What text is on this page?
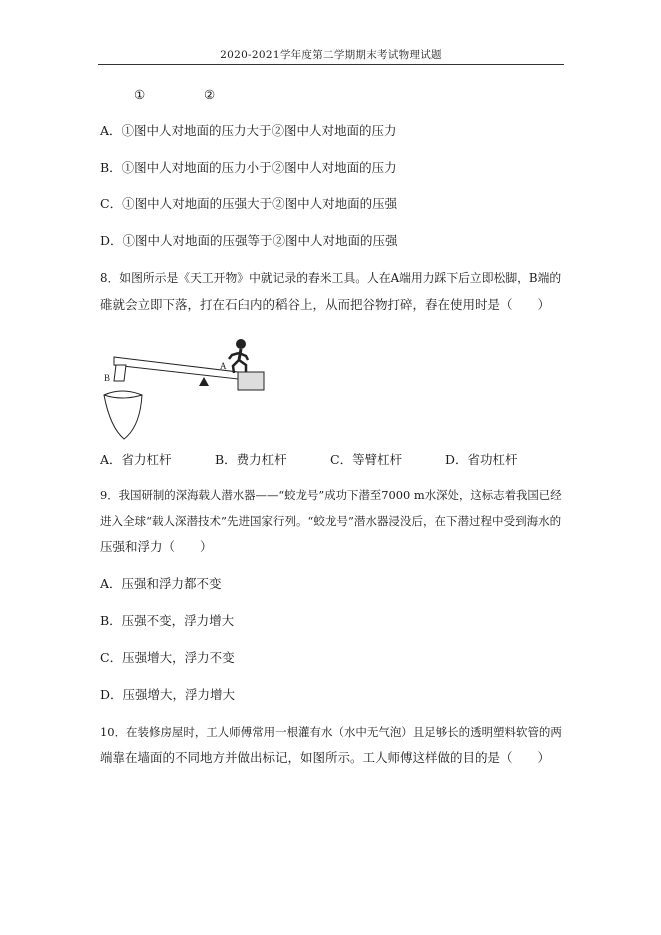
2020-2021学年度第二学期期末考试物理试题
①	②
A．①图中人对地面的压力大于②图中人对地面的压力
B．①图中人对地面的压力小于②图中人对地面的压力
C．①图中人对地面的压强大于②图中人对地面的压强
D．①图中人对地面的压强等于②图中人对地面的压强
8．如图所示是《天工开物》中就记录的舂米工具。人在A端用力踩下后立即松脚，B端的
碓就会立即下落，打在石臼内的稻谷上，从而把谷物打碎，舂在使用时是（　　）
A
B
A．省力杠杆	B．费力杠杆	C．等臂杠杆	D．省功杠杆
9．我国研制的深海载人潜水器——“蛟龙号”成功下潜至7000 m水深处，这标志着我国已经
进入全球“载人深潜技术”先进国家行列。“蛟龙号”潜水器浸没后，在下潜过程中受到海水的
压强和浮力（　　）
A．压强和浮力都不变
B．压强不变，浮力增大
C．压强增大，浮力不变
D．压强增大，浮力增大
10．在装修房屋时，工人师傅常用一根灌有水（水中无气泡）且足够长的透明塑料软管的两
端靠在墙面的不同地方并做出标记，如图所示。工人师傅这样做的目的是（　　）
